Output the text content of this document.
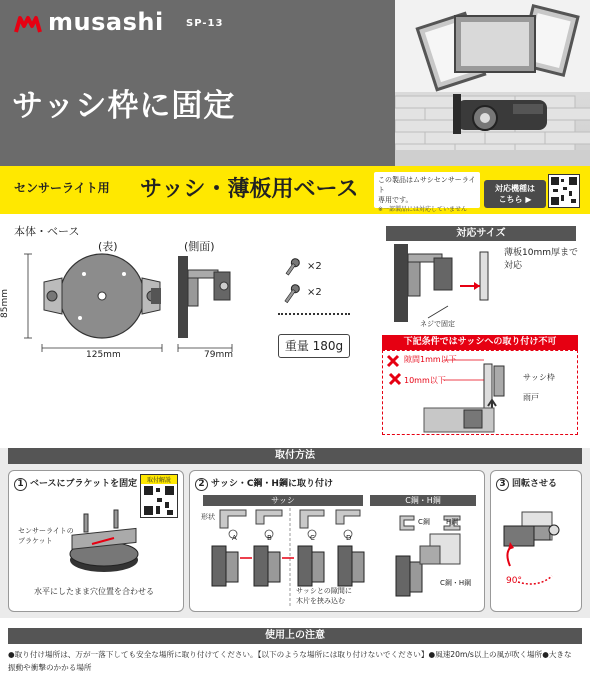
musashi SP-13
サッシ枠に固定
センサーライト用 サッシ・薄板用ベース	この製品はムサシセンサーライト
専用です。
※一部製品には対応していません
対応機種は
こちら ▶
本体・ベース
(表)	(側面)
85mm
125mm	79mm
×2
×2
重量 180g
対応サイズ
薄板10mm厚まで
対応
ネジで固定
下記条件ではサッシへの取り付け不可
隙間1mm以下
10mm以下	サッシ枠
雨戸
取付方法
1 ベースにブラケットを固定	取付解説
センサーライトの
ブラケット
水平にしたまま穴位置を合わせる
2 サッシ・C鋼・H鋼に取り付け
サッシ	C鋼・H鋼
形状
A	B	C	D
C鋼 H鋼
サッシとの隙間に
木片を挟み込む
C鋼・H鋼
3 回転させる
90°
使用上の注意
●取り付け場所は、万が一落下しても安全な場所に取り付けてください。【以下のような場所には取り付けないでください】●風速20m/s以上の風が吹く場所●大きな
振動や衝撃のかかる場所
